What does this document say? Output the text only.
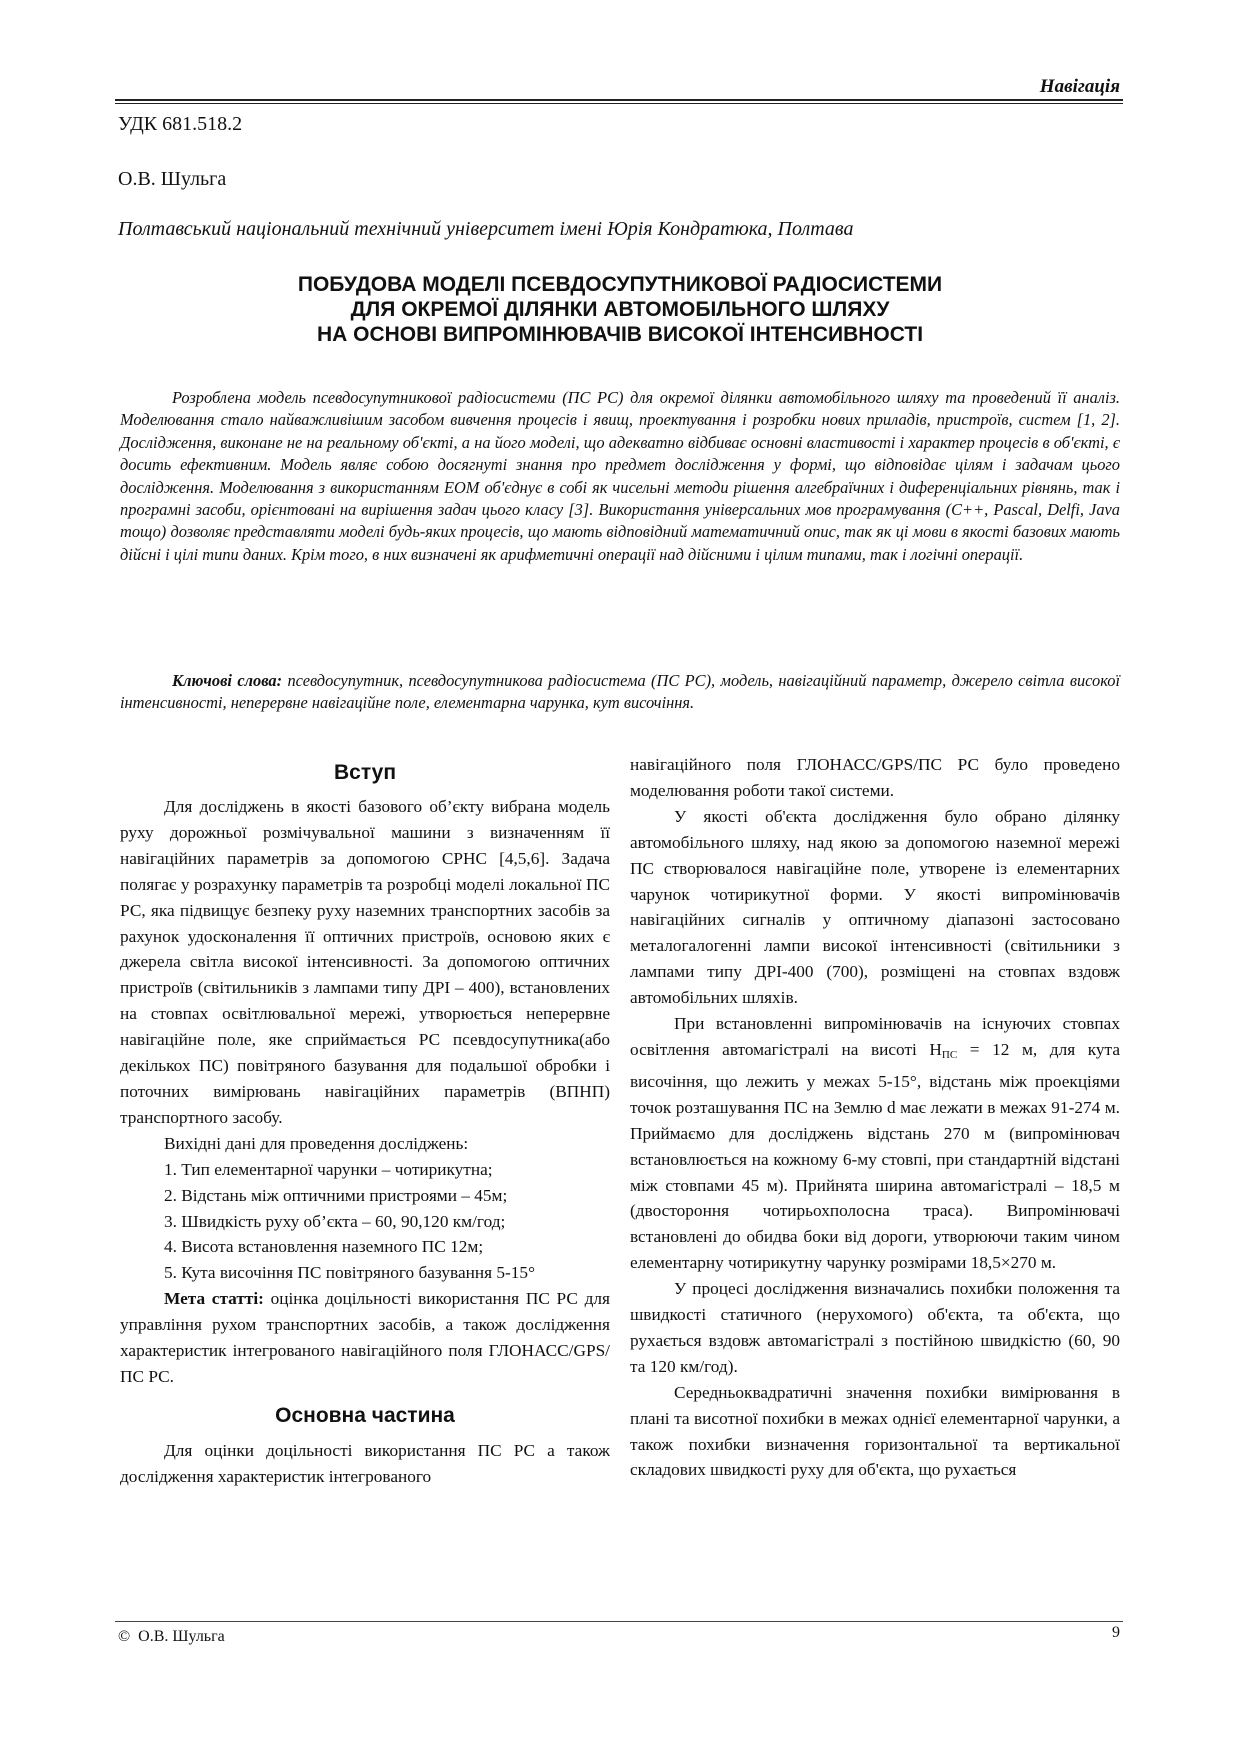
Навігація
УДК 681.518.2
О.В. Шульга
Полтавський національний технічний університет імені Юрія Кондратюка, Полтава
ПОБУДОВА МОДЕЛІ ПСЕВДОСУПУТНИКОВОЇ РАДІОСИСТЕМИ
ДЛЯ ОКРЕМОЇ ДІЛЯНКИ АВТОМОБІЛЬНОГО ШЛЯХУ
НА ОСНОВІ ВИПРОМІНЮВАЧІВ ВИСОКОЇ ІНТЕНСИВНОСТІ

Розроблена модель псевдосупутникової радіосистеми (ПС РС) для окремої ділянки автомобільного шляху та проведений її аналіз. Моделювання стало найважливішим засобом вивчення процесів і явищ, проектування і розробки нових приладів, пристроїв, систем [1, 2]. Дослідження, виконане не на реальному об'єкті, а на його моделі, що адекватно відбиває основні властивості і характер процесів в об'єкті, є досить ефективним. Модель являє собою досягнуті знання про предмет дослідження у формі, що відповідає цілям і задачам цього дослідження. Моделювання з використанням ЕОМ об'єднує в собі як чисельні методи рішення алгебраїчних і диференціальних рівнянь, так і програмні засоби, орієнтовані на вирішення задач цього класу [3]. Використання універсальних мов програмування (C++, Pascal, Delfi, Java тощо) дозволяє представляти моделі будь-яких процесів, що мають відповідний математичний опис, так як ці мови в якості базових мають дійсні і цілі типи даних. Крім того, в них визначені як арифметичні операції над дійсними і цілим типами, так і логічні операції.

Ключові слова: псевдосупутник, псевдосупутникова радіосистема (ПС РС), модель, навігаційний параметр, джерело світла високої інтенсивності, неперервне навігаційне поле, елементарна чарунка, кут височіння.

Вступ

Для досліджень в якості базового об’єкту вибрана модель руху дорожньої розмічувальної машини з визначенням її навігаційних параметрів за допомогою СРНС [4,5,6]. Задача полягає у розрахунку параметрів та розробці моделі локальної ПС РС, яка підвищує безпеку руху наземних транспортних засобів за рахунок удосконалення її оптичних пристроїв, основою яких є джерела світла високої інтенсивності. За допомогою оптичних пристроїв (світильників з лампами типу ДРІ – 400), встановлених на стовпах освітлювальної мережі, утворюється неперервне навігаційне поле, яке сприймається РС псевдосупутника(або декількох ПС) повітряного базування для подальшої обробки і поточних вимірювань навігаційних параметрів (ВПНП) транспортного засобу.

Вихідні дані для проведення досліджень:

1. Тип елементарної чарунки – чотирикутна;

2. Відстань між оптичними пристроями – 45м;

3. Швидкість руху об’єкта – 60, 90,120 км/год;

4. Висота встановлення наземного ПС 12м;

5. Кута височіння ПС повітряного базування 5-15°

Мета статті: оцінка доцільності використання ПС РС для управління рухом транспортних засобів, а також дослідження характеристик інтегрованого навігаційного поля ГЛОНАСС/GPS/ПС РС.

Основна частина

Для оцінки доцільності використання ПС РС а також дослідження характеристик інтегрованого

навігаційного поля ГЛОНАСС/GPS/ПС РС було проведено моделювання роботи такої системи.

У якості об'єкта дослідження було обрано ділянку автомобільного шляху, над якою за допомогою наземної мережі ПС створювалося навігаційне поле, утворене із елементарних чарунок чотирикутної форми. У якості випромінювачів навігаційних сигналів у оптичному діапазоні застосовано металогалогенні лампи високої інтенсивності (світильники з лампами типу ДРІ-400 (700), розміщені на стовпах вздовж автомобільних шляхів.

При встановленні випромінювачів на існуючих стовпах освітлення автомагістралі на висоті $H_{ПС} = 12$ м, для кута височіння, що лежить у межах 5-15°, відстань між проекціями точок розташування ПС на Землю d має лежати в межах 91-274 м. Приймаємо для досліджень відстань 270 м (випромінювач встановлюється на кожному 6-му стовпі, при стандартній відстані між стовпами 45 м). Прийнята ширина автомагістралі – 18,5 м (двостороння чотирьохполосна траса). Випромінювачі встановлені до обидва боки від дороги, утворюючи таким чином елементарну чотирикутну чарунку розмірами 18,5×270 м.

У процесі дослідження визначались похибки положення та швидкості статичного (нерухомого) об'єкта, та об'єкта, що рухається вздовж автомагістралі з постійною швидкістю (60, 90 та 120 км/год).

Середньоквадратичні значення похибки вимірювання в плані та висотної похибки в межах однієї елементарної чарунки, а також похибки визначення горизонтальної та вертикальної складових швидкості руху для об'єкта, що рухається

© О.В. Шульга	9
